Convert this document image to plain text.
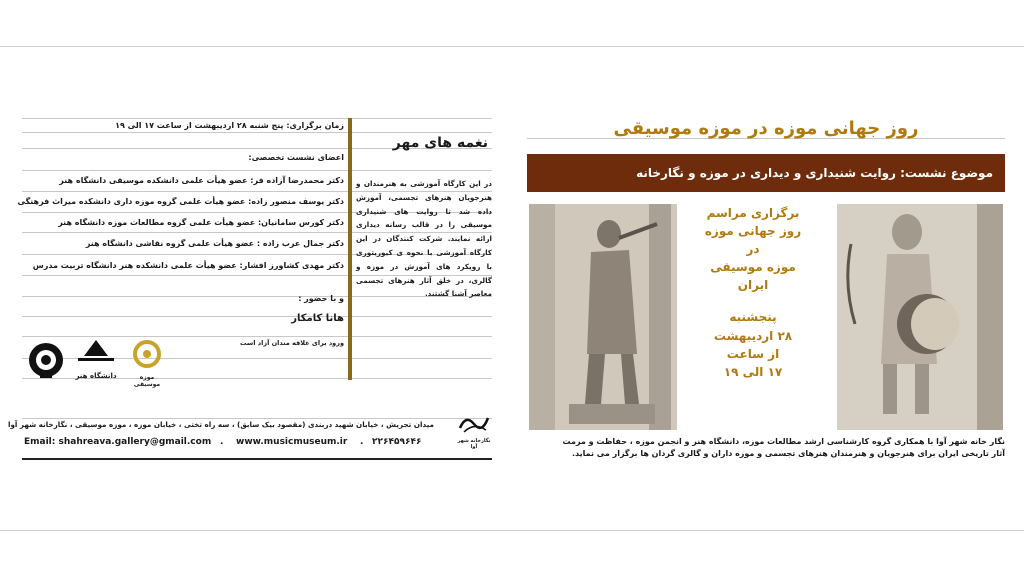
زمان برگزاری: پنج شنبه ۲۸ اردیبهشت از ساعت ۱۷ الی ۱۹
نغمه های مهر
اعضای نشست تخصصی:
دکتر محمدرضا آزاده فر: عضو هیأت علمی دانشکده موسیقی دانشگاه هنر
دکتر یوسف منصور زاده: عضو هیأت علمی گروه موزه داری دانشکده میراث فرهنگی
دکتر کورس سامانیان: عضو هیأت علمی گروه مطالعات موزه دانشگاه هنر
دکتر جمال عرب زاده : عضو هیأت علمی گروه نقاشی دانشگاه هنر
دکتر مهدی کشاورز افشار: عضو هیأت علمی دانشکده هنر دانشگاه تربیت مدرس
و با حضور :
هانا کامکار
ورود برای علاقه مندان آزاد است
در این کارگاه آموزشی به هنرمندان و هنرجویان هنرهای تجسمی، آموزش داده شد تا روایت های شنیداری موسیقی را در قالب رسانه دیداری ارائه نمایند. شرکت کنندگان در این کارگاه آموزشی با نحوه ی کیوریتوری با رویکرد های آموزش در موزه و گالری، در خلق آثار هنرهای تجسمی معاصر آشنا گشتند.
دانشگاه هنر	موزه موسیقی
میدان تجریش ، خیابان شهید دربندی (مقصود بیک سابق) ، سه راه تختی ، خیابان موزه ، موزه موسیقی ، نگارخانه شهر آوا
نگارخانه شهر آوا
Email: shahreava.gallery@gmail.com . www.musicmuseum.ir . ۲۲۶۴۵۹۶۴۶
روز جهانی موزه در موزه موسیقی
موضوع نشست: روایت شنیداری و دیداری در موزه و نگارخانه
برگزاری مراسم
روز جهانی موزه
در
موزه موسیقی
ایران
پنجشنبه
۲۸ اردیبهشت
از ساعت
۱۷ الی ۱۹
نگار خانه شهر آوا با همکاری گروه کارشناسی ارشد مطالعات موزه، دانشگاه هنر و انجمن موزه ، حفاظت و مرمت
آثار تاریخی ایران برای هنرجویان و هنرمندان هنرهای تجسمی و موزه داران و گالری گردان ها برگزار می نماید.
